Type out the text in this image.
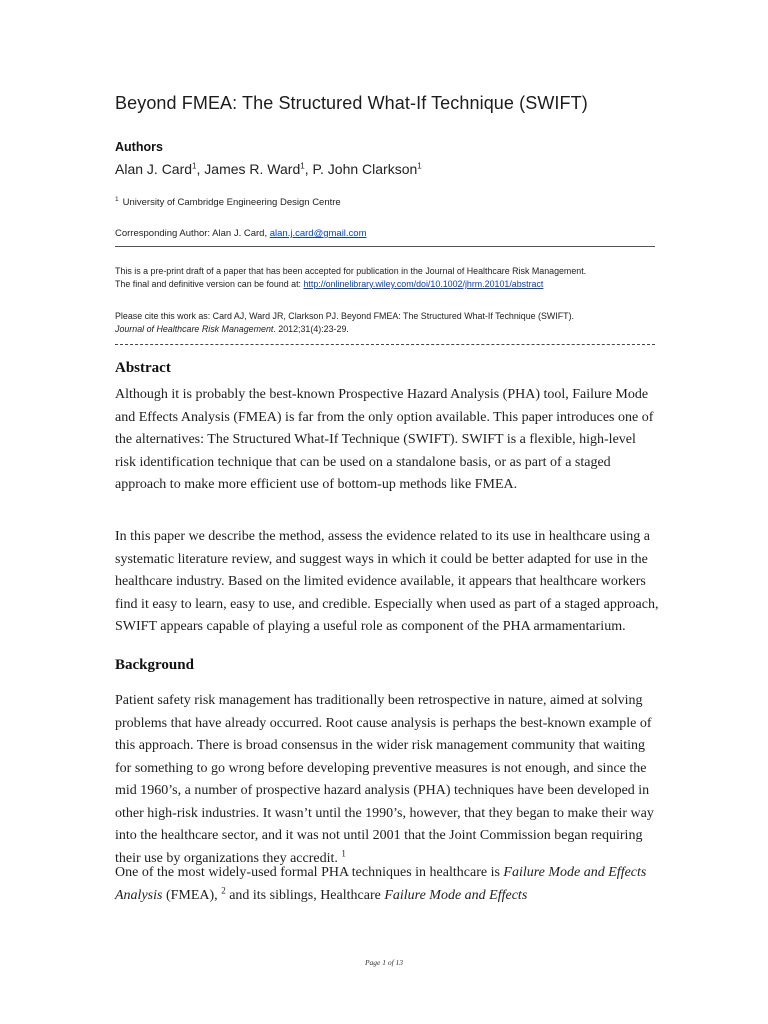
Beyond FMEA: The Structured What-If Technique (SWIFT)
Authors
Alan J. Card$^1$, James R. Ward$^1$, P. John Clarkson$^1$
$^1$ University of Cambridge Engineering Design Centre
Corresponding Author: Alan J. Card, alan.j.card@gmail.com
This is a pre-print draft of a paper that has been accepted for publication in the Journal of Healthcare Risk Management.
The final and definitive version can be found at: http://onlinelibrary.wiley.com/doi/10.1002/jhrm.20101/abstract
Please cite this work as: Card AJ, Ward JR, Clarkson PJ. Beyond FMEA: The Structured What-If Technique (SWIFT).
Journal of Healthcare Risk Management. 2012;31(4):23-29.
Abstract
Although it is probably the best-known Prospective Hazard Analysis (PHA) tool, Failure Mode and Effects Analysis (FMEA) is far from the only option available. This paper introduces one of the alternatives: The Structured What-If Technique (SWIFT). SWIFT is a flexible, high-level risk identification technique that can be used on a standalone basis, or as part of a staged approach to make more efficient use of bottom-up methods like FMEA.
In this paper we describe the method, assess the evidence related to its use in healthcare using a systematic literature review, and suggest ways in which it could be better adapted for use in the healthcare industry. Based on the limited evidence available, it appears that healthcare workers find it easy to learn, easy to use, and credible. Especially when used as part of a staged approach, SWIFT appears capable of playing a useful role as component of the PHA armamentarium.
Background
Patient safety risk management has traditionally been retrospective in nature, aimed at solving problems that have already occurred. Root cause analysis is perhaps the best-known example of this approach. There is broad consensus in the wider risk management community that waiting for something to go wrong before developing preventive measures is not enough, and since the mid 1960’s, a number of prospective hazard analysis (PHA) techniques have been developed in other high-risk industries. It wasn’t until the 1990’s, however, that they began to make their way into the healthcare sector, and it was not until 2001 that the Joint Commission began requiring their use by organizations they accredit. $^1$
One of the most widely-used formal PHA techniques in healthcare is Failure Mode and Effects Analysis (FMEA), $^2$ and its siblings, Healthcare Failure Mode and Effects
Page 1 of 13
